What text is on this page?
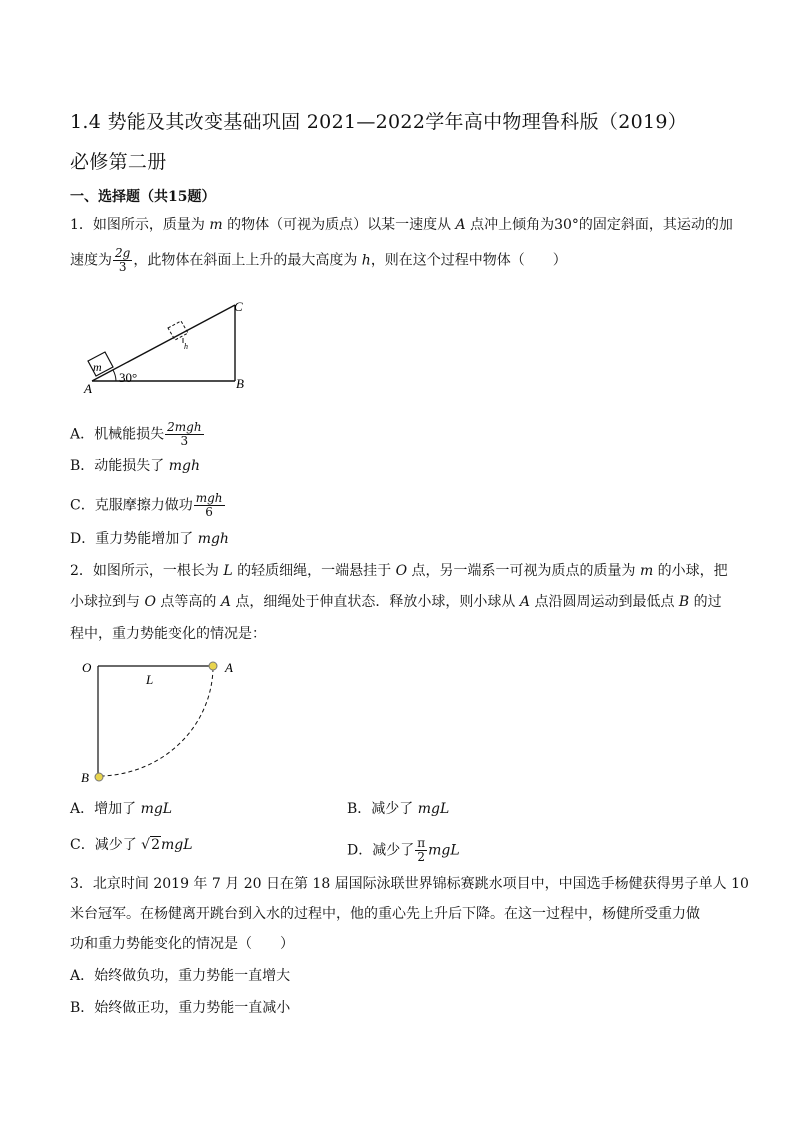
1.4 势能及其改变基础巩固 2021—2022学年高中物理鲁科版（2019）
必修第二册
一、选择题（共15题）
1．如图所示，质量为 m 的物体（可视为质点）以某一速度从 A 点冲上倾角为30°的固定斜面，其运动的加
速度为 $\frac{2g}{3}$ ，此物体在斜面上上升的最大高度为 h，则在这个过程中物体（　　）
m
h
30°
A	B
C
A．机械能损失 $\frac{\text{2mgh}}{3}$
B．动能损失了 mgh
C．克服摩擦力做功 $\frac{\text{mgh}}{6}$
D．重力势能增加了 mgh
2．如图所示，一根长为 L 的轻质细绳，一端悬挂于 O 点，另一端系一可视为质点的质量为 m 的小球，把
小球拉到与 O 点等高的 A 点，细绳处于伸直状态．释放小球，则小球从 A 点沿圆周运动到最低点 B 的过
程中，重力势能变化的情况是：
O	A
B
L
A．增加了 mgL	B．减少了 mgL
C．减少了 √2mgL	D．减少了 $\frac{\pi}{2}$ mgL
3．北京时间 2019 年 7 月 20 日在第 18 届国际泳联世界锦标赛跳水项目中，中国选手杨健获得男子单人 10
米台冠军。在杨健离开跳台到入水的过程中，他的重心先上升后下降。在这一过程中，杨健所受重力做
功和重力势能变化的情况是（　　）
A．始终做负功，重力势能一直增大
B．始终做正功，重力势能一直减小
